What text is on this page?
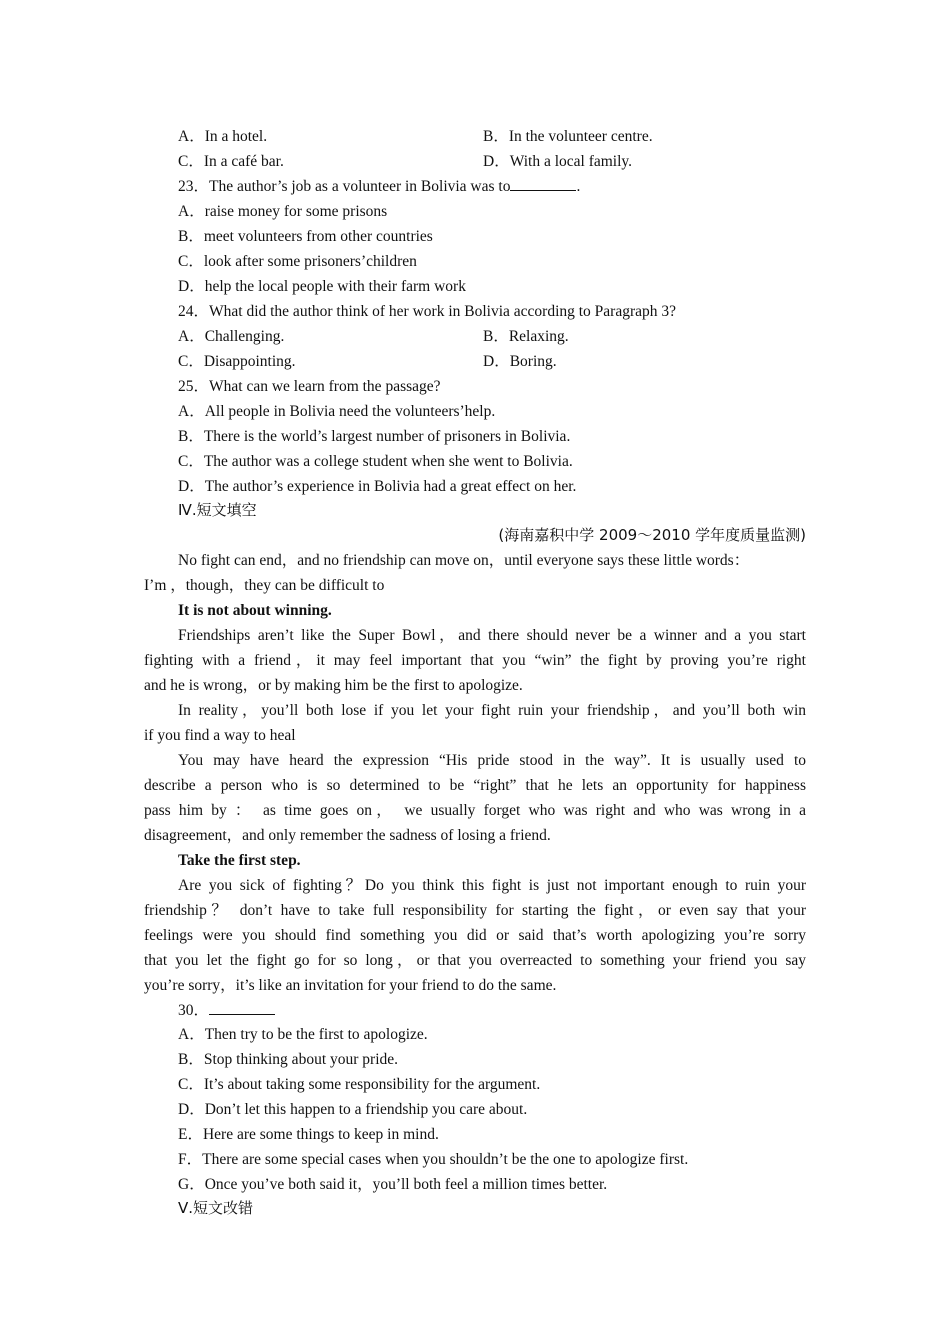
A．In a hotel.	B．In the volunteer centre.
C．In a café bar.	D．With a local family.
23．The author’s job as a volunteer in Bolivia was to	.
A．raise money for some prisons
B．meet volunteers from other countries
C．look after some prisoners’children
D．help the local people with their farm work
24．What did the author think of her work in Bolivia according to Paragraph 3?
A．Challenging.	B．Relaxing.
C．Disappointing.	D．Boring.
25．What can we learn from the passage?
A．All people in Bolivia need the volunteers’help.
B．There is the world’s largest number of prisoners in Bolivia.
C．The author was a college student when she went to Bolivia.
D．The author’s experience in Bolivia had a great effect on her.
Ⅳ.短文填空
(海南嘉积中学 2009～2010 学年度质量监测)
No fight can end，and no friendship can move on，until everyone says these little words：
I’m ，though，they can be difficult to
It is not about winning.
Friendships aren’t like the Super Bowl，and there should never be a winner and a you start
fighting with a friend，it may feel important that you “win” the fight by proving you’re right
and he is wrong，or by making him be the first to apologize.
In reality，you’ll both lose if you let your fight ruin your friendship，and you’ll both win
if you find a way to heal
You may have heard the expression “His pride stood in the way”. It is usually used to
describe a person who is so determined to be “right” that he lets an opportunity for happiness
pass him by ： as time goes on， we usually forget who was right and who was wrong in a
disagreement，and only remember the sadness of losing a friend.
Take the first step.
Are you sick of fighting？Do you think this fight is just not important enough to ruin your
friendship？ don’t have to take full responsibility for starting the fight，or even say that your
feelings were you should find something you did or said that’s worth apologizing you’re sorry
that you let the fight go for so long，or that you overreacted to something your friend you say
you’re sorry，it’s like an invitation for your friend to do the same.
30．
A．Then try to be the first to apologize.
B．Stop thinking about your pride.
C．It’s about taking some responsibility for the argument.
D．Don’t let this happen to a friendship you care about.
E．Here are some things to keep in mind.
F．There are some special cases when you shouldn’t be the one to apologize first.
G．Once you’ve both said it，you’ll both feel a million times better.
Ⅴ.短文改错
